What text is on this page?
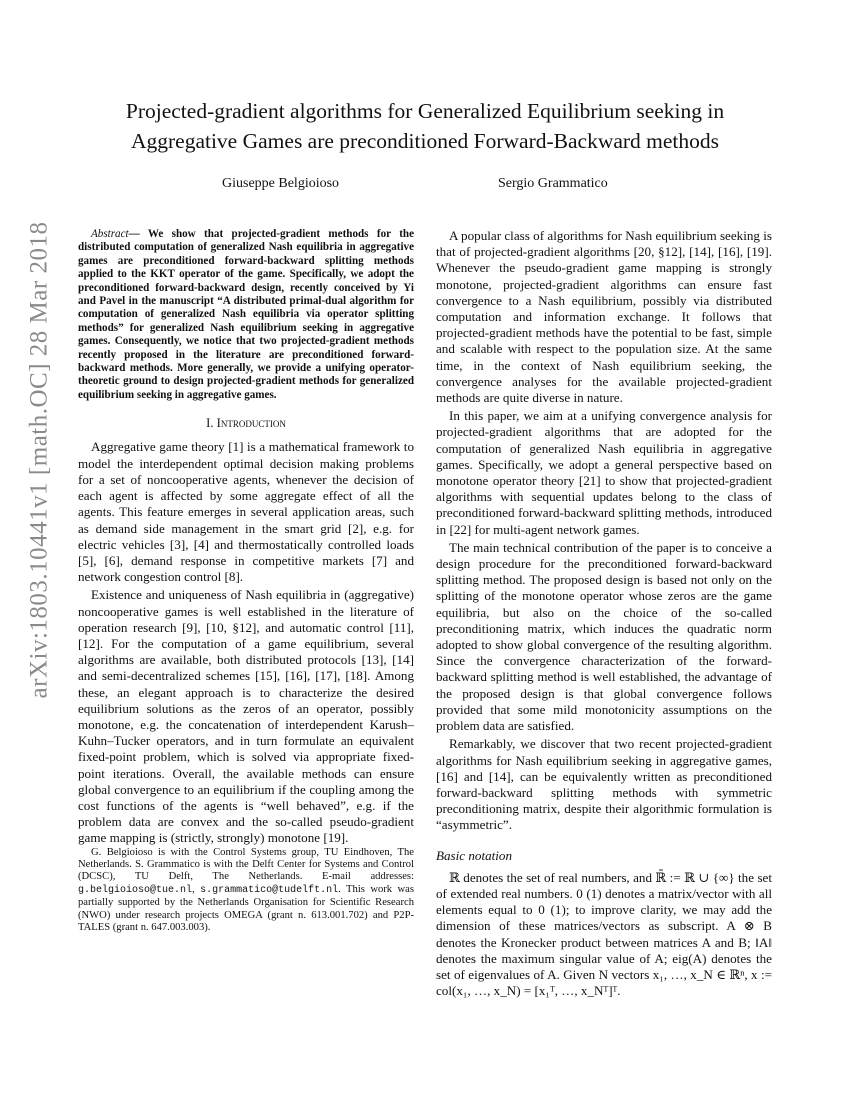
arXiv:1803.10441v1 [math.OC] 28 Mar 2018
Projected-gradient algorithms for Generalized Equilibrium seeking in Aggregative Games are preconditioned Forward-Backward methods
Giuseppe Belgioioso	Sergio Grammatico

Abstract— We show that projected-gradient methods for the distributed computation of generalized Nash equilibria in aggregative games are preconditioned forward-backward splitting methods applied to the KKT operator of the game. Specifically, we adopt the preconditioned forward-backward design, recently conceived by Yi and Pavel in the manuscript “A distributed primal-dual algorithm for computation of generalized Nash equilibria via operator splitting methods” for generalized Nash equilibrium seeking in aggregative games. Consequently, we notice that two projected-gradient methods recently proposed in the literature are preconditioned forward-backward methods. More generally, we provide a unifying operator-theoretic ground to design projected-gradient methods for generalized equilibrium seeking in aggregative games.

I. Introduction

Aggregative game theory [1] is a mathematical framework to model the interdependent optimal decision making problems for a set of noncooperative agents, whenever the decision of each agent is affected by some aggregate effect of all the agents. This feature emerges in several application areas, such as demand side management in the smart grid [2], e.g. for electric vehicles [3], [4] and thermostatically controlled loads [5], [6], demand response in competitive markets [7] and network congestion control [8].

Existence and uniqueness of Nash equilibria in (aggregative) noncooperative games is well established in the literature of operation research [9], [10, §12], and automatic control [11], [12]. For the computation of a game equilibrium, several algorithms are available, both distributed protocols [13], [14] and semi-decentralized schemes [15], [16], [17], [18]. Among these, an elegant approach is to characterize the desired equilibrium solutions as the zeros of an operator, possibly monotone, e.g. the concatenation of interdependent Karush–Kuhn–Tucker operators, and in turn formulate an equivalent fixed-point problem, which is solved via appropriate fixed-point iterations. Overall, the available methods can ensure global convergence to an equilibrium if the coupling among the cost functions of the agents is “well behaved”, e.g. if the problem data are convex and the so-called pseudo-gradient game mapping is (strictly, strongly) monotone [19].

G. Belgioioso is with the Control Systems group, TU Eindhoven, The Netherlands. S. Grammatico is with the Delft Center for Systems and Control (DCSC), TU Delft, The Netherlands. E-mail addresses: g.belgioioso@tue.nl, s.grammatico@tudelft.nl. This work was partially supported by the Netherlands Organisation for Scientific Research (NWO) under research projects OMEGA (grant n. 613.001.702) and P2P-TALES (grant n. 647.003.003).

A popular class of algorithms for Nash equilibrium seeking is that of projected-gradient algorithms [20, §12], [14], [16], [19]. Whenever the pseudo-gradient game mapping is strongly monotone, projected-gradient algorithms can ensure fast convergence to a Nash equilibrium, possibly via distributed computation and information exchange. It follows that projected-gradient methods have the potential to be fast, simple and scalable with respect to the population size. At the same time, in the context of Nash equilibrium seeking, the convergence analyses for the available projected-gradient methods are quite diverse in nature.

In this paper, we aim at a unifying convergence analysis for projected-gradient algorithms that are adopted for the computation of generalized Nash equilibria in aggregative games. Specifically, we adopt a general perspective based on monotone operator theory [21] to show that projected-gradient algorithms with sequential updates belong to the class of preconditioned forward-backward splitting methods, introduced in [22] for multi-agent network games.

The main technical contribution of the paper is to conceive a design procedure for the preconditioned forward-backward splitting method. The proposed design is based not only on the splitting of the monotone operator whose zeros are the game equilibria, but also on the choice of the so-called preconditioning matrix, which induces the quadratic norm adopted to show global convergence of the resulting algorithm. Since the convergence characterization of the forward-backward splitting method is well established, the advantage of the proposed design is that global convergence follows provided that some mild monotonicity assumptions on the problem data are satisfied.

Remarkably, we discover that two recent projected-gradient algorithms for Nash equilibrium seeking in aggregative games, [16] and [14], can be equivalently written as preconditioned forward-backward splitting methods with symmetric preconditioning matrix, despite their algorithmic formulation is “asymmetric”.

Basic notation

ℝ denotes the set of real numbers, and ℝ̄ := ℝ ∪ {∞} the set of extended real numbers. 0 (1) denotes a matrix/vector with all elements equal to 0 (1); to improve clarity, we may add the dimension of these matrices/vectors as subscript. A ⊗ B denotes the Kronecker product between matrices A and B; ‖A‖ denotes the maximum singular value of A; eig(A) denotes the set of eigenvalues of A. Given N vectors x₁, …, x_N ∈ ℝⁿ, x := col(x₁, …, x_N) = [x₁ᵀ, …, x_Nᵀ]ᵀ.
